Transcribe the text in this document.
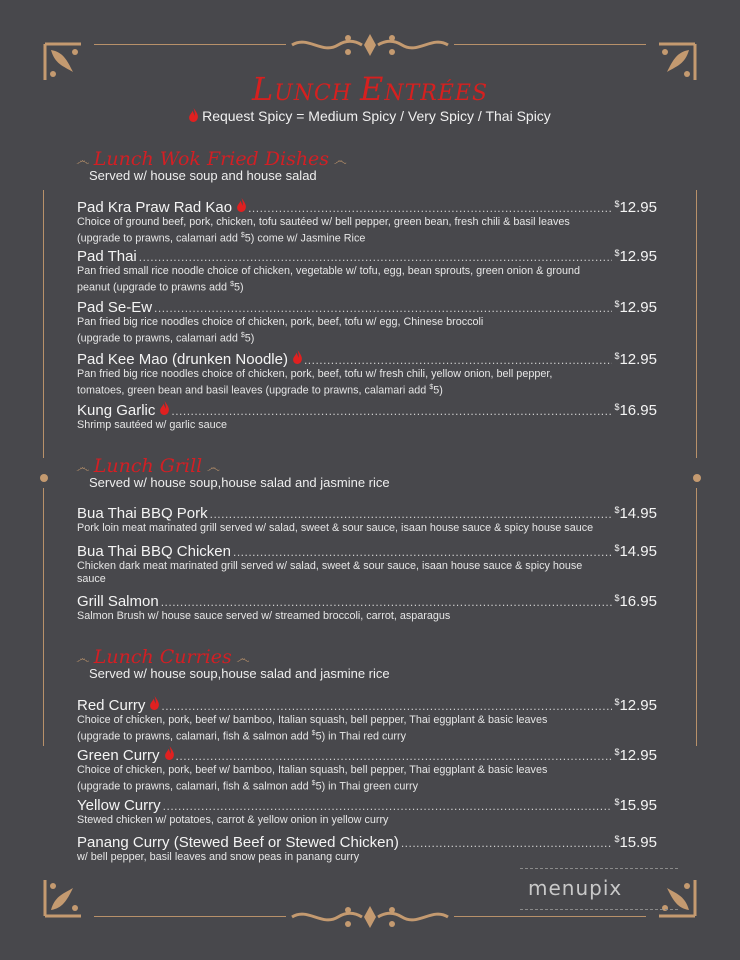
LUNCH ENTRÉES
Request Spicy = Medium Spicy / Very Spicy / Thai Spicy
෴ Lunch Wok Fried Dishes ෴
Served w/ house soup and house salad
Pad Kra Praw Rad Kao .....	$12.95
Choice of ground beef, pork, chicken, tofu sautéed w/ bell pepper, green bean, fresh chili & basil leaves
(upgrade to prawns, calamari add $5) come w/ Jasmine Rice
Pad Thai .....	$12.95
Pan fried small rice noodle choice of chicken, vegetable w/ tofu, egg, bean sprouts, green onion & ground
peanut (upgrade to prawns add $5)
Pad Se-Ew .....	$12.95
Pan fried big rice noodles choice of chicken, pork, beef, tofu w/ egg, Chinese broccoli
(upgrade to prawns, calamari add $5)
Pad Kee Mao (drunken Noodle) .....	$12.95
Pan fried big rice noodles choice of chicken, pork, beef, tofu w/ fresh chili, yellow onion, bell pepper,
tomatoes, green bean and basil leaves (upgrade to prawns, calamari add $5)
Kung Garlic .....	$16.95
Shrimp sautéed w/ garlic sauce
෴ Lunch Grill ෴
Served w/ house soup,house salad and jasmine rice
Bua Thai BBQ Pork .....	$14.95
Pork loin meat marinated grill served w/ salad, sweet & sour sauce, isaan house sauce & spicy house sauce
Bua Thai BBQ Chicken .....	$14.95
Chicken dark meat marinated grill served w/ salad, sweet & sour sauce, isaan house sauce & spicy house
sauce
Grill Salmon .....	$16.95
Salmon Brush w/ house sauce served w/ streamed broccoli, carrot, asparagus
෴ Lunch Curries ෴
Served w/ house soup,house salad and jasmine rice
Red Curry .....	$12.95
Choice of chicken, pork, beef w/ bamboo, Italian squash, bell pepper, Thai eggplant & basic leaves
(upgrade to prawns, calamari, fish & salmon add $5) in Thai red curry
Green Curry .....	$12.95
Choice of chicken, pork, beef w/ bamboo, Italian squash, bell pepper, Thai eggplant & basic leaves
(upgrade to prawns, calamari, fish & salmon add $5) in Thai green curry
Yellow Curry .....	$15.95
Stewed chicken w/ potatoes, carrot & yellow onion in yellow curry
Panang Curry (Stewed Beef or Stewed Chicken) .....	$15.95
w/ bell pepper, basil leaves and snow peas in panang curry
menupix
